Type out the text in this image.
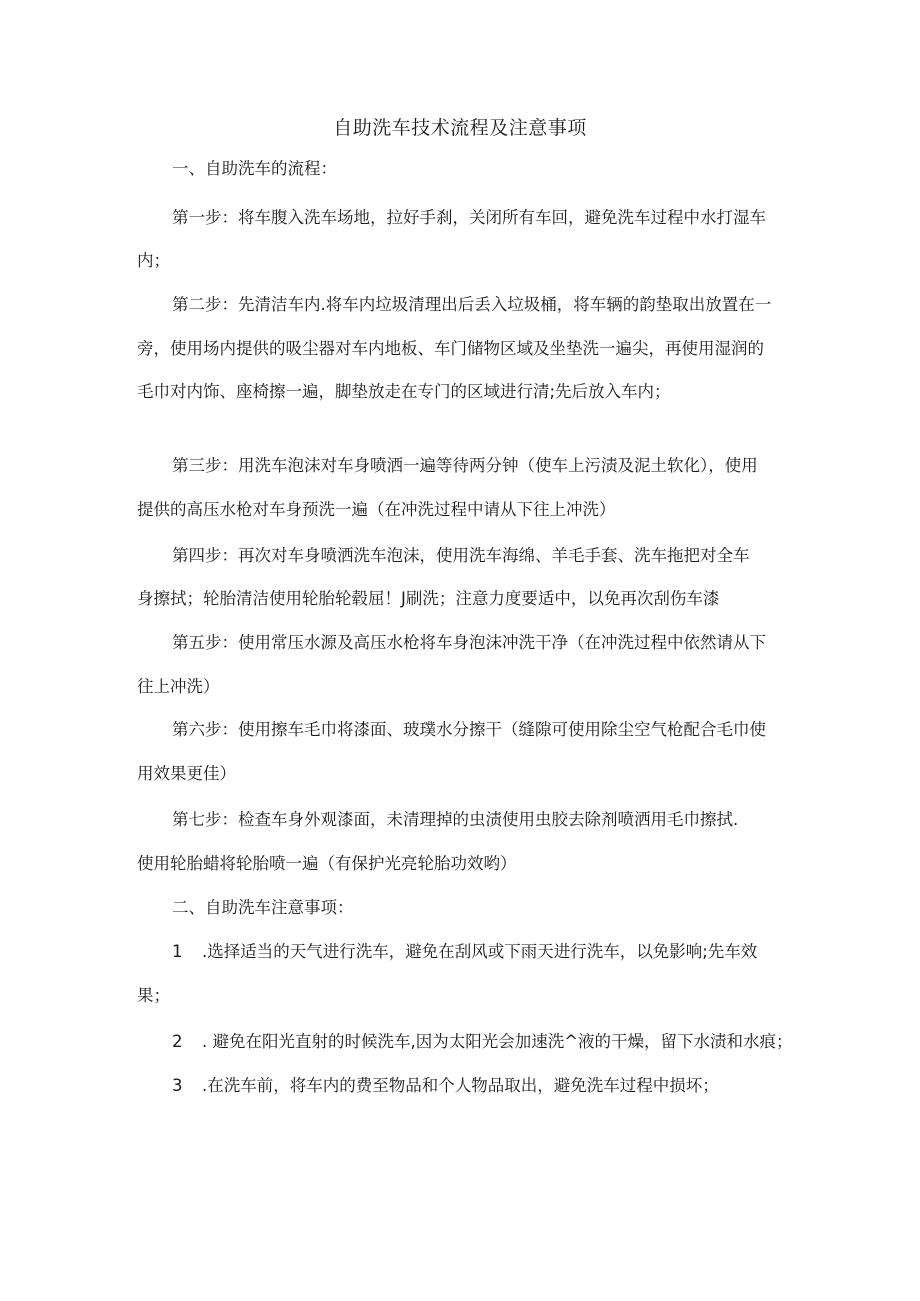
自助洗车技术流程及注意事项

一、自助洗车的流程：

第一步：将车腹入洗车场地，拉好手刹，关闭所有车回，避免洗车过程中水打湿车

内；

第二步：先清洁车内.将车内垃圾清理出后丢入垃圾桶，将车辆的韵垫取出放置在一

旁，使用场内提供的吸尘器对车内地板、车门储物区域及坐垫洗一遍尖，再使用湿润的

毛巾对内饰、座椅擦一遍，脚垫放走在专门的区域进行清;先后放入车内；

第三步：用洗车泡沫对车身喷洒一遍等待两分钟（使车上污渍及泥土软化），使用

提供的高压水枪对车身预洗一遍（在冲洗过程中请从下往上冲洗）

第四步：再次对车身喷洒洗车泡沫，使用洗车海绵、羊毛手套、洗车拖把对全车

身擦拭；轮胎清洁使用轮胎轮毂屈！J刷洗；注意力度要适中，以免再次刮伤车漆

第五步：使用常压水源及高压水枪将车身泡沫冲洗干净（在冲洗过程中依然请从下

往上冲洗）

第六步：使用擦车毛巾将漆面、玻璞水分擦干（缝隙可使用除尘空气枪配合毛巾使

用效果更佳）

第七步：检查车身外观漆面，未清理掉的虫渍使用虫胶去除剂喷洒用毛巾擦拭.

使用轮胎蜡将轮胎喷一遍（有保护光亮轮胎功效哟）

二、自助洗车注意事项：

1 .选择适当的天气进行洗车，避免在刮风或下雨天进行洗车，以免影响;先车效

果；

2 . 避免在阳光直射的时候洗车,因为太阳光会加速洗^液的干燥，留下水渍和水痕；

3 .在洗车前，将车内的费至物品和个人物品取出，避免洗车过程中损坏；
